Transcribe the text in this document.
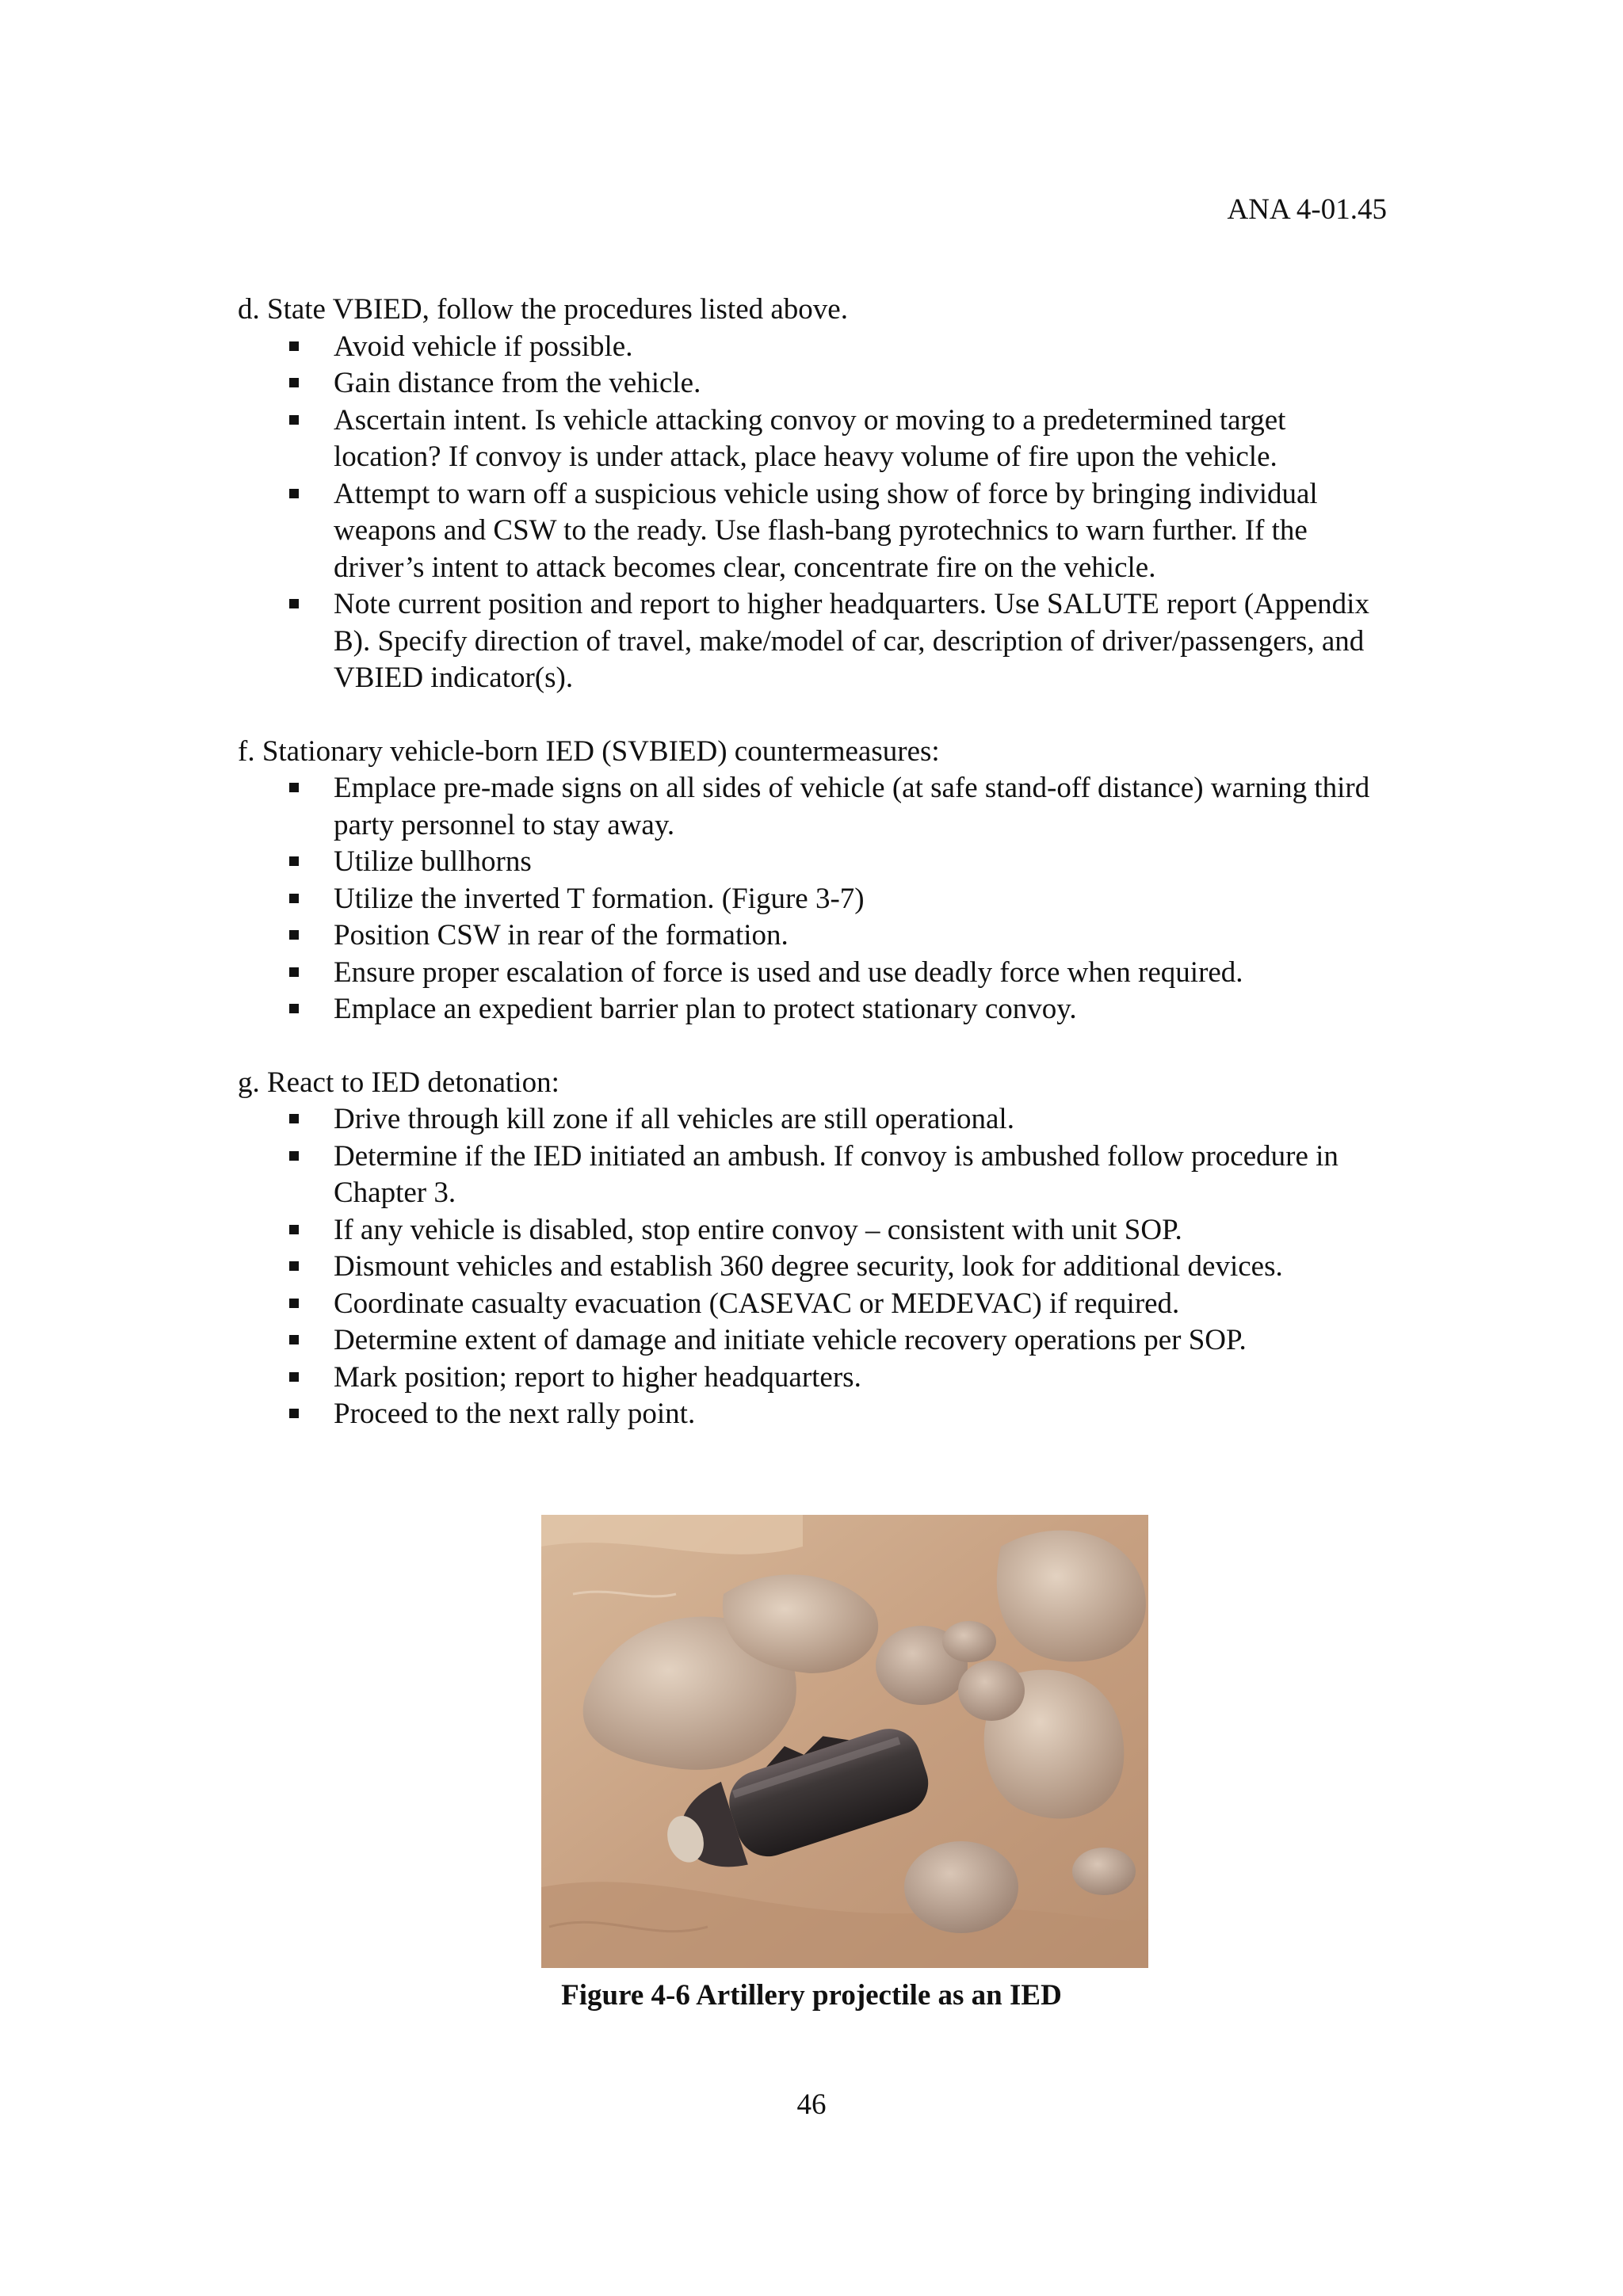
ANA 4-01.45

d. State VBIED, follow the procedures listed above.

Avoid vehicle if possible.
Gain distance from the vehicle.
Ascertain intent. Is vehicle attacking convoy or moving to a predetermined target location? If convoy is under attack, place heavy volume of fire upon the vehicle.
Attempt to warn off a suspicious vehicle using show of force by bringing individual weapons and CSW to the ready. Use flash-bang pyrotechnics to warn further. If the driver’s intent to attack becomes clear, concentrate fire on the vehicle.
Note current position and report to higher headquarters. Use SALUTE report (Appendix B). Specify direction of travel, make/model of car, description of driver/passengers, and VBIED indicator(s).

f. Stationary vehicle-born IED (SVBIED) countermeasures:

Emplace pre-made signs on all sides of vehicle (at safe stand-off distance) warning third party personnel to stay away.
Utilize bullhorns
Utilize the inverted T formation. (Figure 3-7)
Position CSW in rear of the formation.
Ensure proper escalation of force is used and use deadly force when required.
Emplace an expedient barrier plan to protect stationary convoy.

g. React to IED detonation:

Drive through kill zone if all vehicles are still operational.
Determine if the IED initiated an ambush. If convoy is ambushed follow procedure in Chapter 3.
If any vehicle is disabled, stop entire convoy – consistent with unit SOP.
Dismount vehicles and establish 360 degree security, look for additional devices.
Coordinate casualty evacuation (CASEVAC or MEDEVAC) if required.
Determine extent of damage and initiate vehicle recovery operations per SOP.
Mark position; report to higher headquarters.
Proceed to the next rally point.
Figure 4-6 Artillery projectile as an IED
46
